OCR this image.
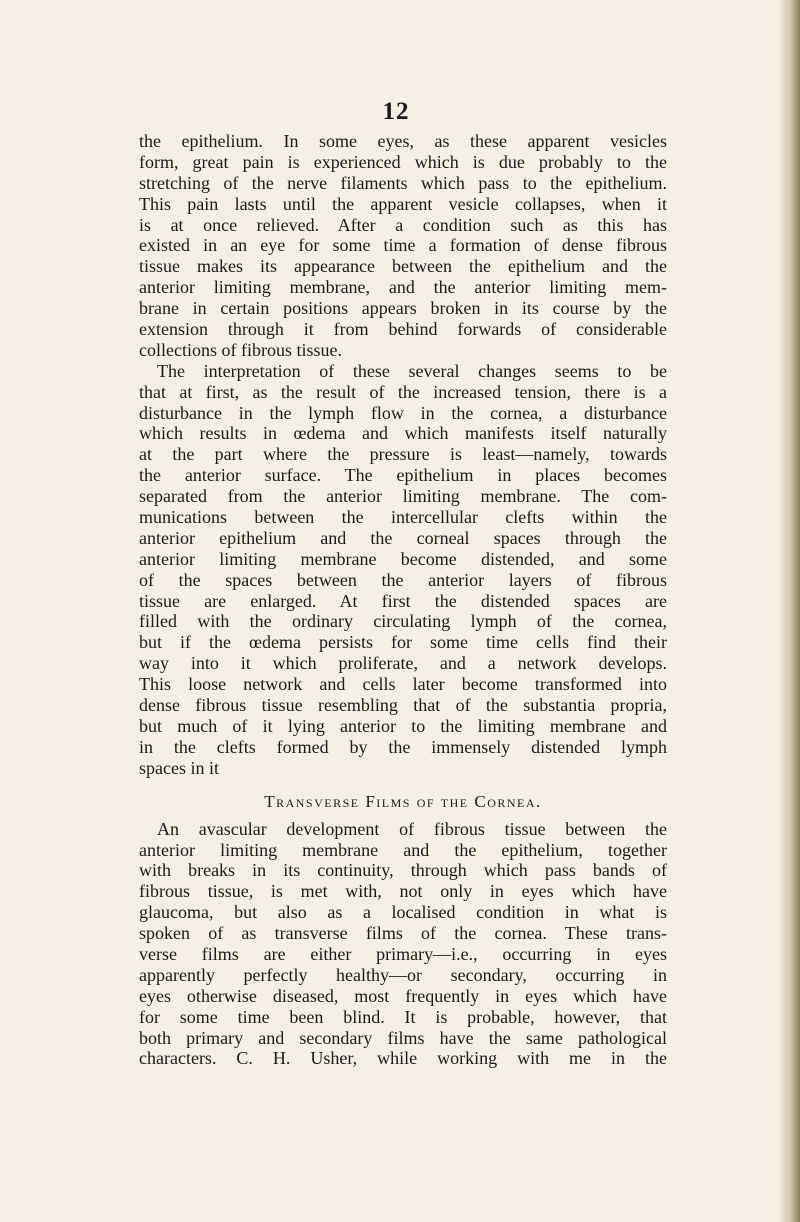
12
the epithelium. In some eyes, as these apparent vesicles
form, great pain is experienced which is due probably to the
stretching of the nerve filaments which pass to the epithelium.
This pain lasts until the apparent vesicle collapses, when it
is at once relieved. After a condition such as this has
existed in an eye for some time a formation of dense fibrous
tissue makes its appearance between the epithelium and the
anterior limiting membrane, and the anterior limiting mem-
brane in certain positions appears broken in its course by the
extension through it from behind forwards of considerable
collections of fibrous tissue.
The interpretation of these several changes seems to be
that at first, as the result of the increased tension, there is a
disturbance in the lymph flow in the cornea, a disturbance
which results in œdema and which manifests itself naturally
at the part where the pressure is least—namely, towards
the anterior surface. The epithelium in places becomes
separated from the anterior limiting membrane. The com-
munications between the intercellular clefts within the
anterior epithelium and the corneal spaces through the
anterior limiting membrane become distended, and some
of the spaces between the anterior layers of fibrous
tissue are enlarged. At first the distended spaces are
filled with the ordinary circulating lymph of the cornea,
but if the œdema persists for some time cells find their
way into it which proliferate, and a network develops.
This loose network and cells later become transformed into
dense fibrous tissue resembling that of the substantia propria,
but much of it lying anterior to the limiting membrane and
in the clefts formed by the immensely distended lymph
spaces in it
Transverse Films of the Cornea.
An avascular development of fibrous tissue between the
anterior limiting membrane and the epithelium, together
with breaks in its continuity, through which pass bands of
fibrous tissue, is met with, not only in eyes which have
glaucoma, but also as a localised condition in what is
spoken of as transverse films of the cornea. These trans-
verse films are either primary—i.e., occurring in eyes
apparently perfectly healthy—or secondary, occurring in
eyes otherwise diseased, most frequently in eyes which have
for some time been blind. It is probable, however, that
both primary and secondary films have the same pathological
characters. C. H. Usher, while working with me in the
